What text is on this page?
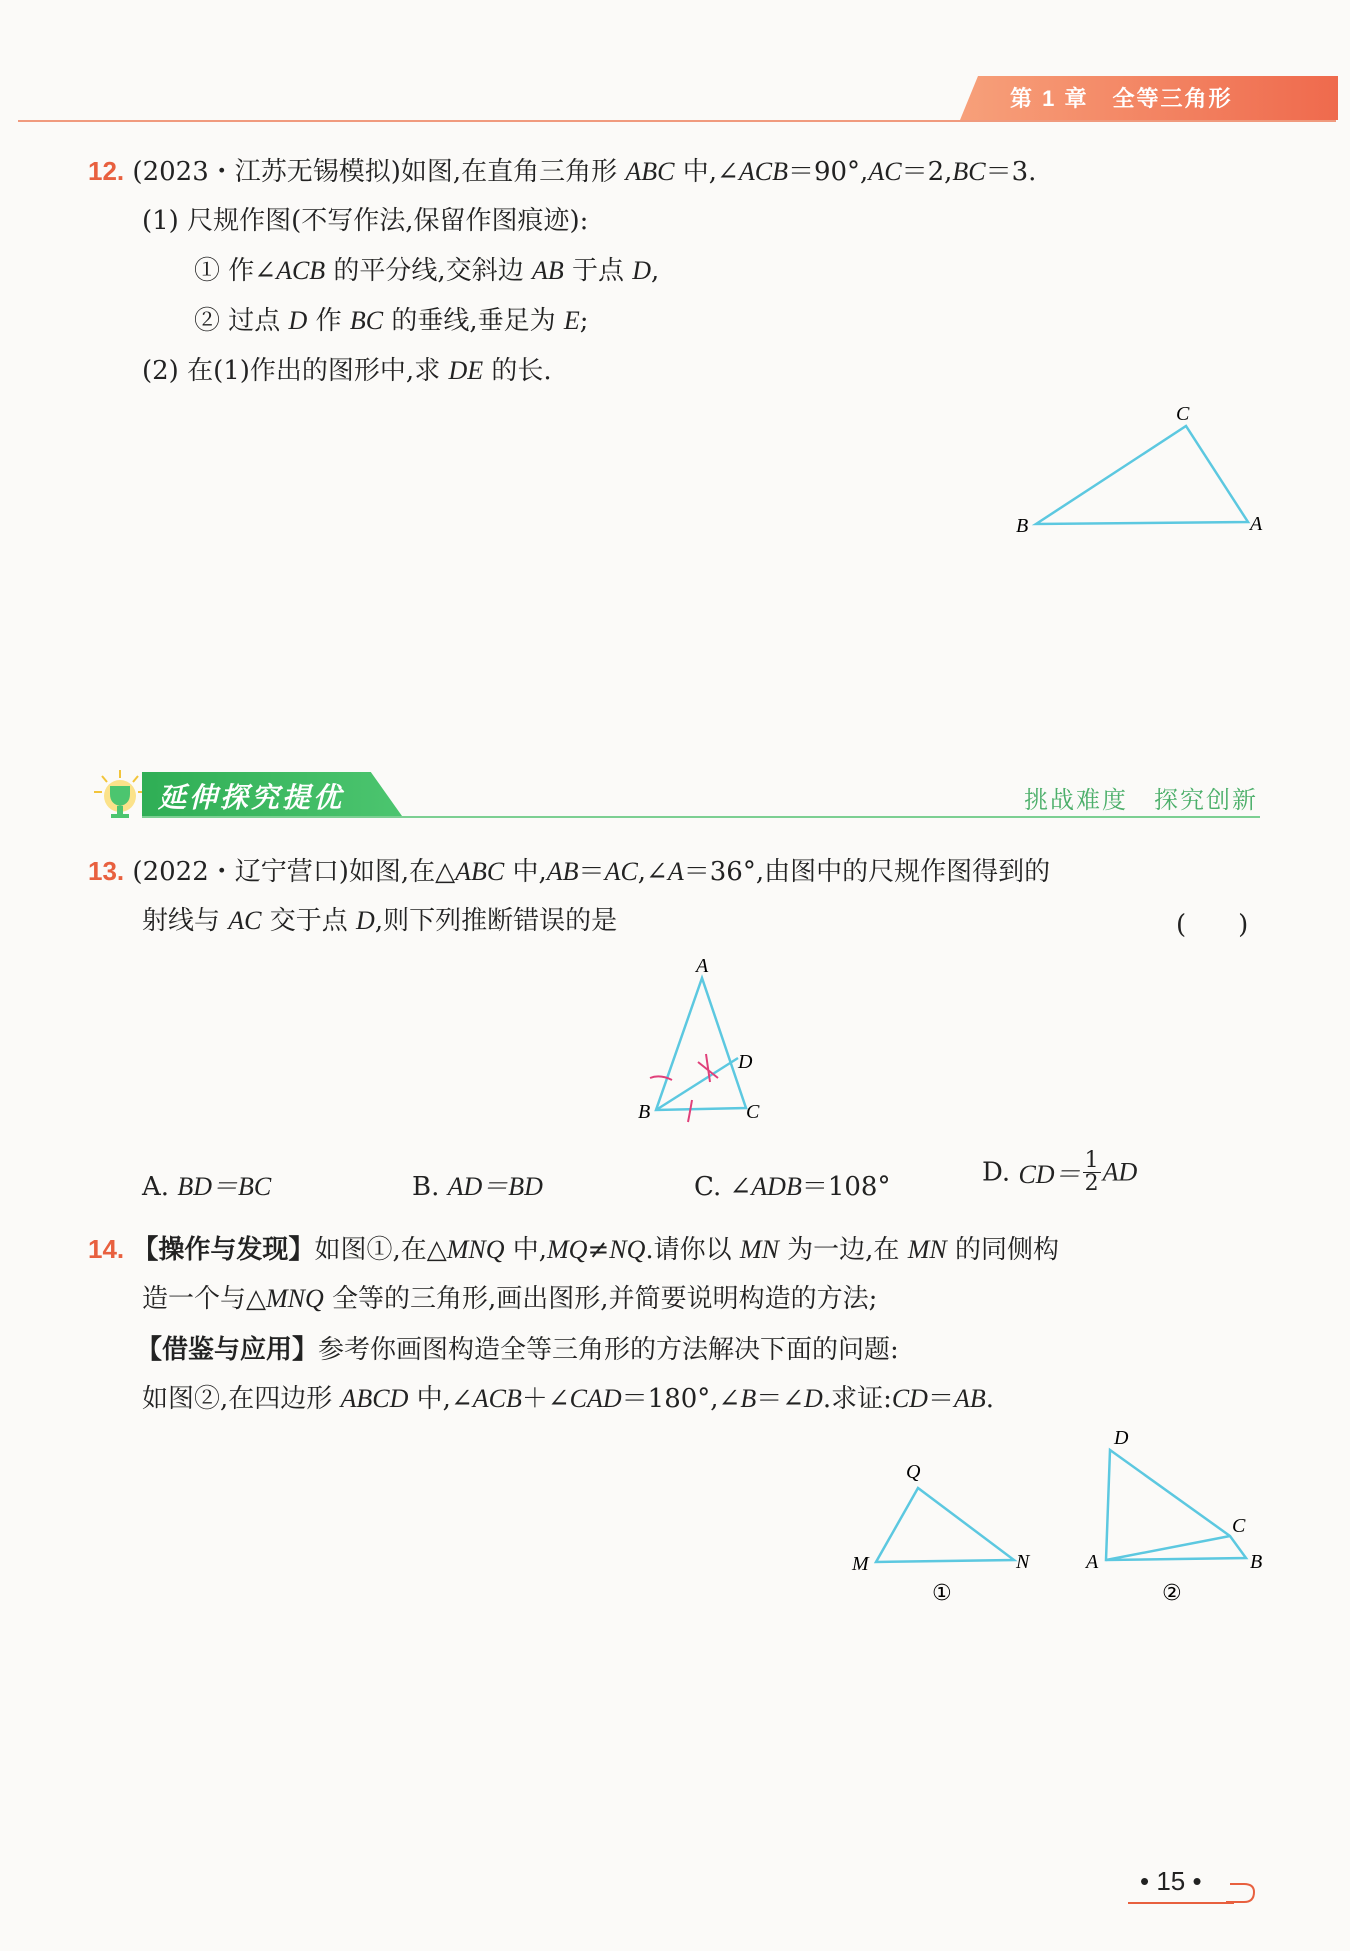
第 1 章　全等三角形
12. (2023・江苏无锡模拟)如图,在直角三角形 ABC 中,∠ACB＝90°,AC＝2,BC＝3.
(1) 尺规作图(不写作法,保留作图痕迹):
① 作∠ACB 的平分线,交斜边 AB 于点 D,
② 过点 D 作 BC 的垂线,垂足为 E;
(2) 在(1)作出的图形中,求 DE 的长.
C
B	A
延伸探究提优	挑战难度　探究创新
13. (2022・辽宁营口)如图,在△ABC 中,AB＝AC,∠A＝36°,由图中的尺规作图得到的
射线与 AC 交于点 D,则下列推断错误的是	(　　)
A
B	C
D
A. BD＝BC	B. AD＝BD	C. ∠ADB＝108°	D. $CD= \frac{1}{2}$ AD
14. 【操作与发现】如图①,在△MNQ 中,MQ≠NQ.请你以 MN 为一边,在 MN 的同侧构
造一个与△MNQ 全等的三角形,画出图形,并简要说明构造的方法;
【借鉴与应用】参考你画图构造全等三角形的方法解决下面的问题:
如图②,在四边形 ABCD 中,∠ACB＋∠CAD＝180°,∠B＝∠D.求证:CD＝AB.
Q
M	N
①
D
C
A	B
②
• 15 •
